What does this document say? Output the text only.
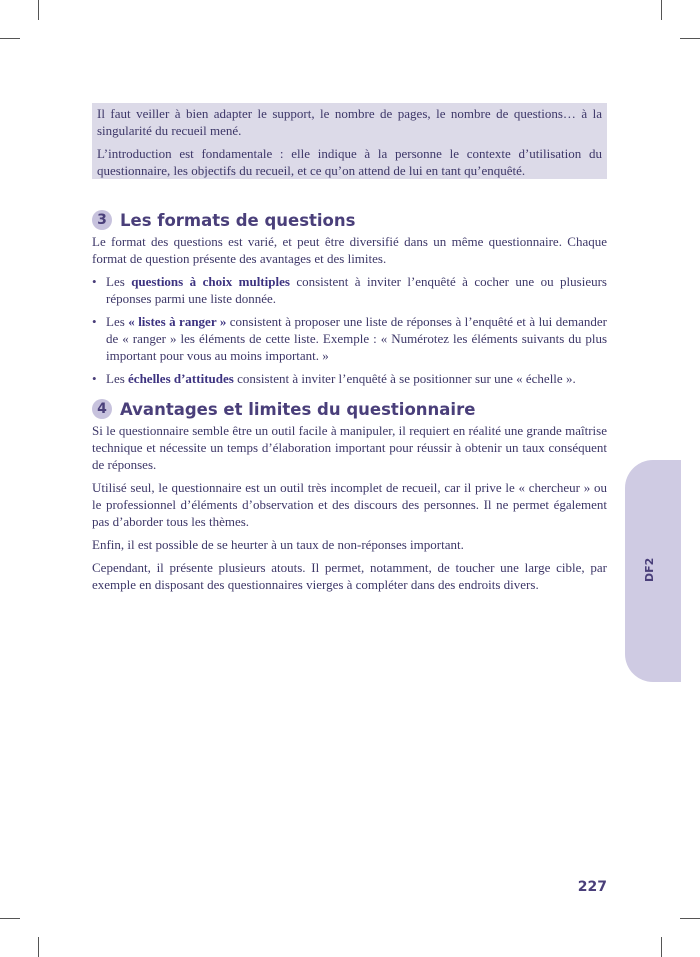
Il faut veiller à bien adapter le support, le nombre de pages, le nombre de questions… à la singularité du recueil mené.

L’introduction est fondamentale : elle indique à la personne le contexte d’utilisation du questionnaire, les objectifs du recueil, et ce qu’on attend de lui en tant qu’enquêté.

3 Les formats de questions

Le format des questions est varié, et peut être diversifié dans un même questionnaire. Chaque format de question présente des avantages et des limites.

• Les questions à choix multiples consistent à inviter l’enquêté à cocher une ou plusieurs réponses parmi une liste donnée.
• Les « listes à ranger » consistent à proposer une liste de réponses à l’enquêté et à lui demander de « ranger » les éléments de cette liste. Exemple : « Numérotez les éléments suivants du plus important pour vous au moins important. »
• Les échelles d’attitudes consistent à inviter l’enquêté à se positionner sur une « échelle ».
4 Avantages et limites du questionnaire

Si le questionnaire semble être un outil facile à manipuler, il requiert en réalité une grande maîtrise technique et nécessite un temps d’élaboration important pour réussir à obtenir un taux conséquent de réponses.

Utilisé seul, le questionnaire est un outil très incomplet de recueil, car il prive le « chercheur » ou le professionnel d’éléments d’observation et des discours des personnes. Il ne permet également pas d’aborder tous les thèmes.

Enfin, il est possible de se heurter à un taux de non-réponses important.

Cependant, il présente plusieurs atouts. Il permet, notamment, de toucher une large cible, par exemple en disposant des questionnaires vierges à compléter dans des endroits divers.

DF2
227
